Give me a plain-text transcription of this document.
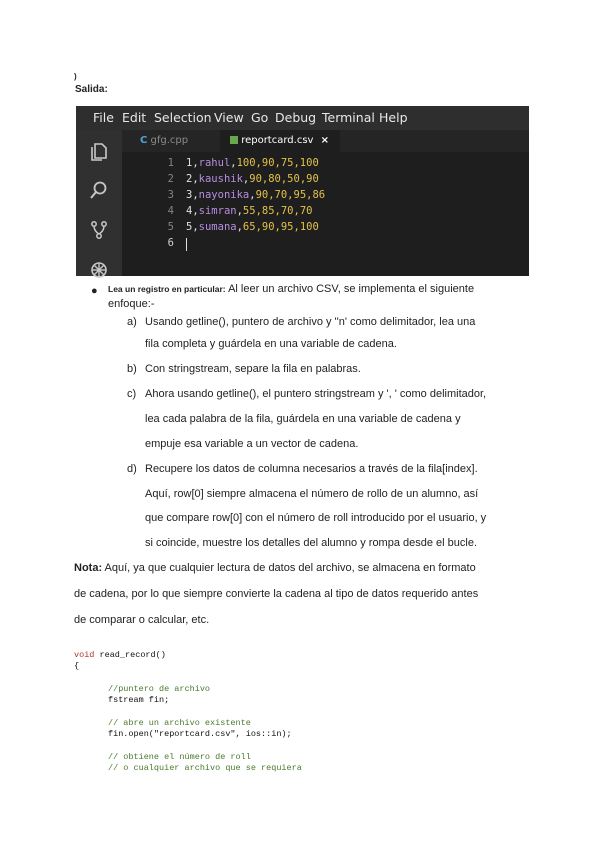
)
Salida:
File Edit Selection View Go Debug Terminal Help
C gfg.cpp	reportcard.csv ×
1
2
3
4
5
6
1,rahul,100,90,75,100
2,kaushik,90,80,50,90
3,nayonika,90,70,95,86
4,simran,55,85,70,70
5,sumana,65,90,95,100
● Lea un registro en particular: Al leer un archivo CSV, se implementa el siguiente
enfoque:-
a) Usando getline(), puntero de archivo y ''n' como delimitador, lea una
fila completa y guárdela en una variable de cadena.
b) Con stringstream, separe la fila en palabras.
c) Ahora usando getline(), el puntero stringstream y ', ' como delimitador,
lea cada palabra de la fila, guárdela en una variable de cadena y
empuje esa variable a un vector de cadena.
d) Recupere los datos de columna necesarios a través de la fila[index].
Aquí, row[0] siempre almacena el número de rollo de un alumno, así
que compare row[0] con el número de roll introducido por el usuario, y
si coincide, muestre los detalles del alumno y rompa desde el bucle.
Nota: Aquí, ya que cualquier lectura de datos del archivo, se almacena en formato
de cadena, por lo que siempre convierte la cadena al tipo de datos requerido antes
de comparar o calcular, etc.
void read_record()
{
//puntero de archivo
fstream fin;
// abre un archivo existente
fin.open("reportcard.csv", ios::in);
// obtiene el número de roll
// o cualquier archivo que se requiera
